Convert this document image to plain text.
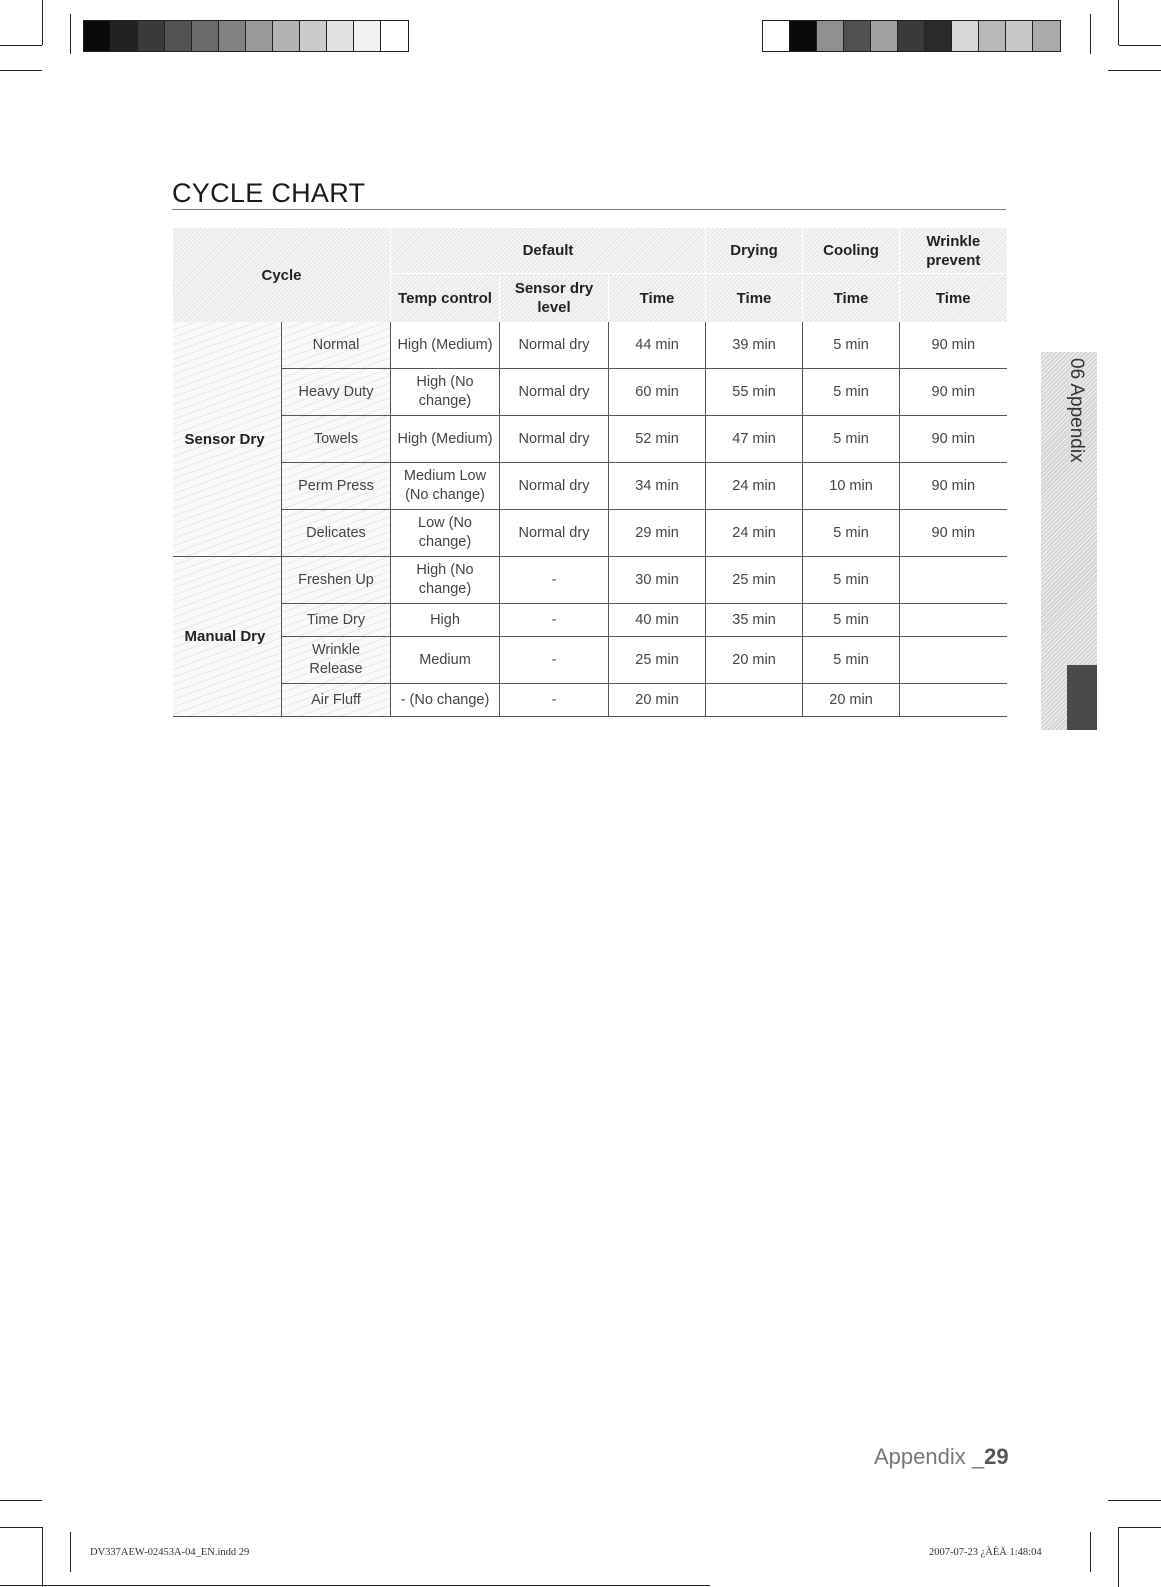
CYCLE CHART
Cycle		Default			Drying	Cooling	Wrinkle prevent
		Temp control	Sensor dry level	Time	Time	Time	Time
Sensor Dry	Normal	High (Medium)	Normal dry	44 min	39 min	5 min	90 min
	Heavy Duty	High (No change)	Normal dry	60 min	55 min	5 min	90 min
	Towels	High (Medium)	Normal dry	52 min	47 min	5 min	90 min
	Perm Press	Medium Low (No change)	Normal dry	34 min	24 min	10 min	90 min
	Delicates	Low (No change)	Normal dry	29 min	24 min	5 min	90 min
Manual Dry	Freshen Up	High (No change)	-	30 min	25 min	5 min	
	Time Dry	High	-	40 min	35 min	5 min	
	Wrinkle Release	Medium	-	25 min	20 min	5 min	
	Air Fluff	- (No change)	-	20 min		20 min	
06 Appendix
Appendix _29
DV337AEW-02453A-04_EN.indd 29	2007-07-23 ¿ÀÈÄ 1:48:04
